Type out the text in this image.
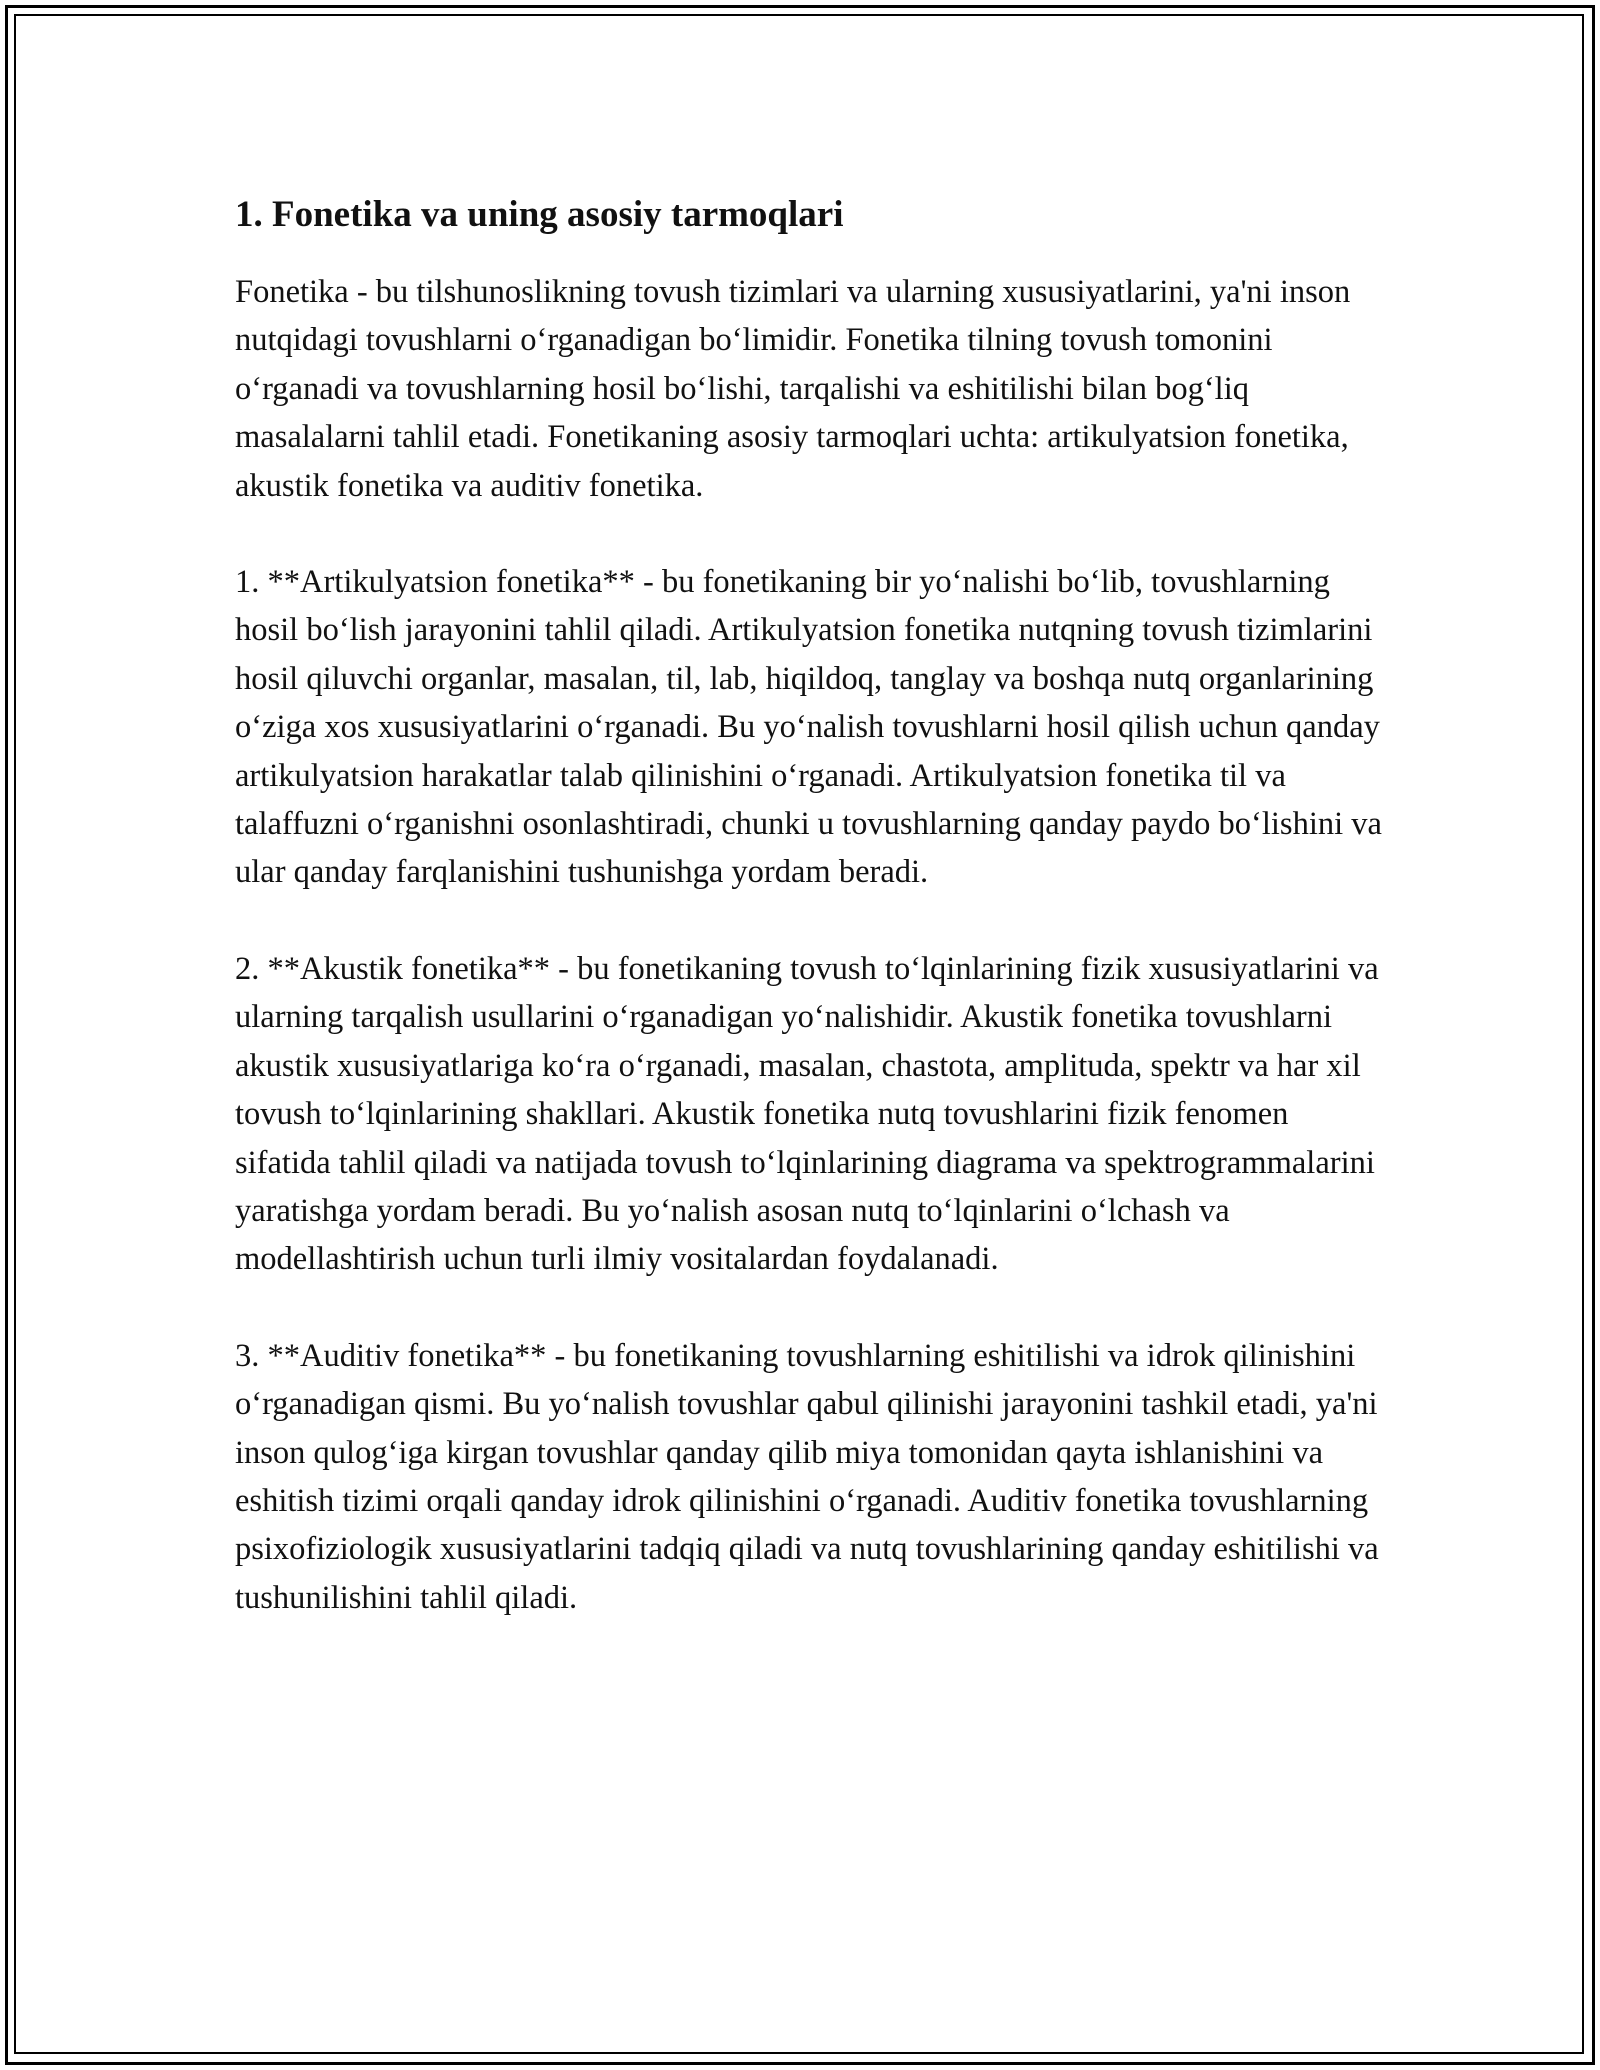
1. Fonetika va uning asosiy tarmoqlari

Fonetika - bu tilshunoslikning tovush tizimlari va ularning xususiyatlarini, ya'ni inson nutqidagi tovushlarni o‘rganadigan bo‘limidir. Fonetika tilning tovush tomonini o‘rganadi va tovushlarning hosil bo‘lishi, tarqalishi va eshitilishi bilan bog‘liq masalalarni tahlil etadi. Fonetikaning asosiy tarmoqlari uchta: artikulyatsion fonetika, akustik fonetika va auditiv fonetika.

1. **Artikulyatsion fonetika** - bu fonetikaning bir yo‘nalishi bo‘lib, tovushlarning hosil bo‘lish jarayonini tahlil qiladi. Artikulyatsion fonetika nutqning tovush tizimlarini hosil qiluvchi organlar, masalan, til, lab, hiqildoq, tanglay va boshqa nutq organlarining o‘ziga xos xususiyatlarini o‘rganadi. Bu yo‘nalish tovushlarni hosil qilish uchun qanday artikulyatsion harakatlar talab qilinishini o‘rganadi. Artikulyatsion fonetika til va talaffuzni o‘rganishni osonlashtiradi, chunki u tovushlarning qanday paydo bo‘lishini va ular qanday farqlanishini tushunishga yordam beradi.

2. **Akustik fonetika** - bu fonetikaning tovush to‘lqinlarining fizik xususiyatlarini va ularning tarqalish usullarini o‘rganadigan yo‘nalishidir. Akustik fonetika tovushlarni akustik xususiyatlariga ko‘ra o‘rganadi, masalan, chastota, amplituda, spektr va har xil tovush to‘lqinlarining shakllari. Akustik fonetika nutq tovushlarini fizik fenomen sifatida tahlil qiladi va natijada tovush to‘lqinlarining diagrama va spektrogrammalarini yaratishga yordam beradi. Bu yo‘nalish asosan nutq to‘lqinlarini o‘lchash va modellashtirish uchun turli ilmiy vositalardan foydalanadi.

3. **Auditiv fonetika** - bu fonetikaning tovushlarning eshitilishi va idrok qilinishini o‘rganadigan qismi. Bu yo‘nalish tovushlar qabul qilinishi jarayonini tashkil etadi, ya'ni inson qulog‘iga kirgan tovushlar qanday qilib miya tomonidan qayta ishlanishini va eshitish tizimi orqali qanday idrok qilinishini o‘rganadi. Auditiv fonetika tovushlarning psixofiziologik xususiyatlarini tadqiq qiladi va nutq tovushlarining qanday eshitilishi va tushunilishini tahlil qiladi.
